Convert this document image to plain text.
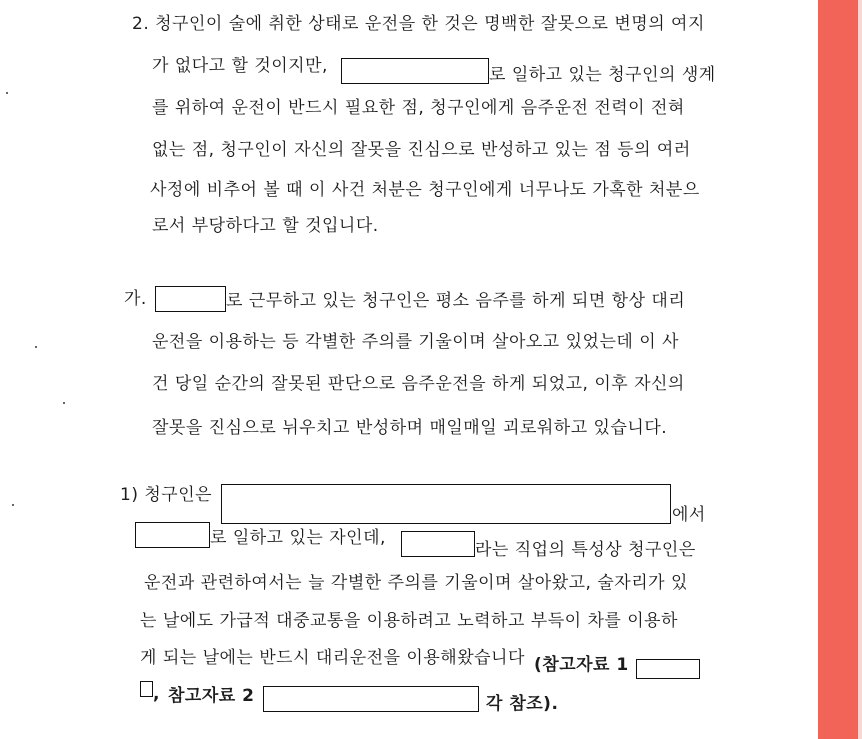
2. 청구인이 술에 취한 상태로 운전을 한 것은 명백한 잘못으로 변명의 여지
가 없다고 할 것이지만,	로 일하고 있는 청구인의 생계
를 위하여 운전이 반드시 필요한 점, 청구인에게 음주운전 전력이 전혀
없는 점, 청구인이 자신의 잘못을 진심으로 반성하고 있는 점 등의 여러
사정에 비추어 볼 때 이 사건 처분은 청구인에게 너무나도 가혹한 처분으
로서 부당하다고 할 것입니다.
가.	로 근무하고 있는 청구인은 평소 음주를 하게 되면 항상 대리
운전을 이용하는 등 각별한 주의를 기울이며 살아오고 있었는데 이 사
건 당일 순간의 잘못된 판단으로 음주운전을 하게 되었고, 이후 자신의
잘못을 진심으로 뉘우치고 반성하며 매일매일 괴로워하고 있습니다.
1) 청구인은
에서
로 일하고 있는 자인데,
라는 직업의 특성상 청구인은
운전과 관련하여서는 늘 각별한 주의를 기울이며 살아왔고, 술자리가 있
는 날에도 가급적 대중교통을 이용하려고 노력하고 부득이 차를 이용하
게 되는 날에는 반드시 대리운전을 이용해왔습니다 (참고자료 1
, 참고자료 2	각 참조).
